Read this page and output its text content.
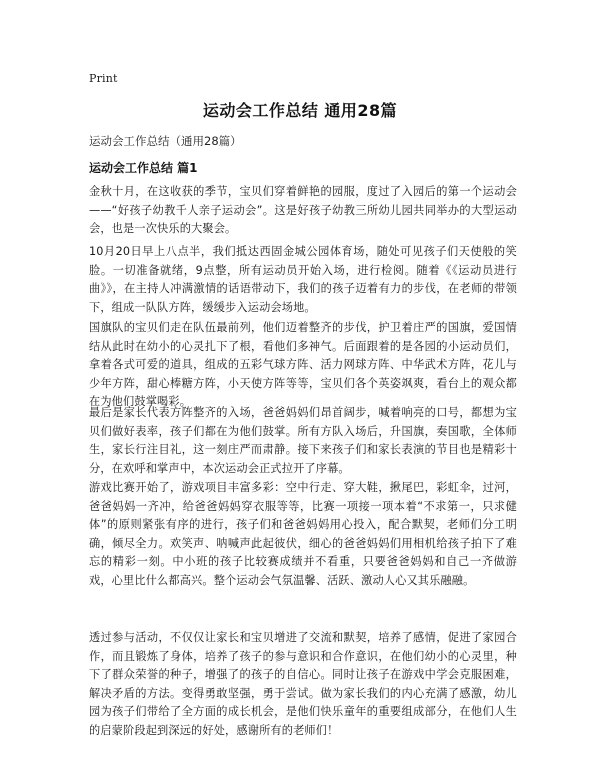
Print
运动会工作总结 通用28篇
运动会工作总结（通用28篇）
运动会工作总结 篇1
金秋十月，在这收获的季节，宝贝们穿着鲜艳的园服，度过了入园后的第一个运动会——“好孩子幼教千人亲子运动会”。这是好孩子幼教三所幼儿园共同举办的大型运动会，也是一次快乐的大聚会。
10月20日早上八点半，我们抵达西固金城公园体育场，随处可见孩子们天使般的笑脸。一切准备就绪，9点整，所有运动员开始入场，进行检阅。随着《《运动员进行曲》》，在主持人冲满激情的话语带动下，我们的孩子迈着有力的步伐，在老师的带领下，组成一队队方阵，缓缓步入运动会场地。
国旗队的宝贝们走在队伍最前列，他们迈着整齐的步伐，护卫着庄严的国旗，爱国情结从此时在幼小的心灵扎下了根，看他们多神气。后面跟着的是各园的小运动员们，拿着各式可爱的道具，组成的五彩气球方阵、活力网球方阵、中华武术方阵，花儿与少年方阵，甜心棒糖方阵，小天使方阵等等，宝贝们各个英姿飒爽，看台上的观众都在为他们鼓掌喝彩。
最后是家长代表方阵整齐的入场，爸爸妈妈们昂首阔步，喊着响亮的口号，都想为宝贝们做好表率，孩子们都在为他们鼓掌。所有方队入场后，升国旗，奏国歌，全体师生，家长行注目礼，这一刻庄严而肃静。接下来孩子们和家长表演的节目也是精彩十分，在欢呼和掌声中，本次运动会正式拉开了序幕。
游戏比赛开始了，游戏项目丰富多彩：空中行走、穿大鞋，揪尾巴，彩虹伞，过河，爸爸妈妈一齐冲，给爸爸妈妈穿衣服等等，比赛一项接一项本着“不求第一，只求健体”的原则紧张有序的进行，孩子们和爸爸妈妈用心投入，配合默契，老师们分工明确，倾尽全力。欢笑声、呐喊声此起彼伏，细心的爸爸妈妈们用相机给孩子拍下了难忘的精彩一刻。中小班的孩子比较赛成绩并不看重，只要爸爸妈妈和自己一齐做游戏，心里比什么都高兴。整个运动会气氛温馨、活跃、激动人心又其乐融融。
透过参与活动，不仅仅让家长和宝贝增进了交流和默契，培养了感情，促进了家园合作，而且锻炼了身体，培养了孩子的参与意识和合作意识，在他们幼小的心灵里，种下了群众荣誉的种子，增强了的孩子的自信心。同时让孩子在游戏中学会克服困难，解决矛盾的方法。变得勇敢坚强，勇于尝试。做为家长我们的内心充满了感激，幼儿园为孩子们带给了全方面的成长机会，是他们快乐童年的重要组成部分，在他们人生的启蒙阶段起到深远的好处，感谢所有的老师们！
